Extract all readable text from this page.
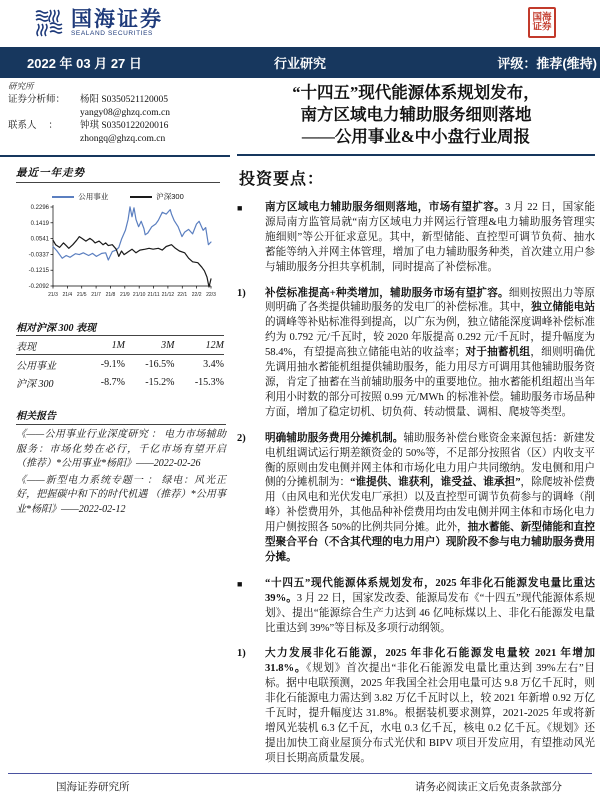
国海证券
SEALAND SECURITIES
国海证券
行业研究
2022 年 03 月 27 日	评级：推荐(维持)
研究所
证券分析师：	杨阳 S0350521120005
yangy08@ghzq.com.cn
联系人　 ：	钟琪 S0350122020016
zhongq@ghzq.com.cn
最近一年走势
公用事业	沪深300
0.2296
0.1419
0.0541
-0.0337
-0.1215
-0.2092
21/3 21/4 21/5 21/7 21/8 21/9 21/10 21/11 21/12 22/1 22/2 22/3
相对沪深 300 表现
表现	1M	3M	12M
公用事业	-9.1%	-16.5%	3.4%
沪深 300	-8.7%	-15.2%	-15.3%
相关报告
《——公用事业行业深度研究 ： 电力市场辅助服务：市场化势在必行，千亿市场有望开启 （推荐）*公用事业*杨阳》——2022-02-26
《——新型电力系统专题一 ： 绿电：风光正好，把握碳中和下的时代机遇 （推荐）*公用事业*杨阳》——2022-02-12
“十四五”现代能源体系规划发布，
南方区域电力辅助服务细则落地
——公用事业&中小盘行业周报
投资要点：
■	南方区域电力辅助服务细则落地，市场有望扩容。3 月 22 日，国家能源局南方监管局就“南方区域电力并网运行管理&电力辅助服务管理实施细则”等公开征求意见。其中，新型储能、直控型可调节负荷、抽水蓄能等纳入并网主体管理，增加了电力辅助服务种类，首次建立用户参与辅助服务分担共享机制，同时提高了补偿标准。
1)	补偿标准提高+种类增加，辅助服务市场有望扩容。细则按照出力等原则明确了各类提供辅助服务的发电厂的补偿标准。其中，独立储能电站的调峰等补贴标准得到提高，以广东为例，独立储能深度调峰补偿标准约为 0.792 元/千瓦时，较 2020 年版提高 0.292 元/千瓦时，提升幅度为 58.4%，有望提高独立储能电站的收益率；对于抽蓄机组，细则明确优先调用抽水蓄能机组提供辅助服务，能力用尽方可调用其他辅助服务资源，肯定了抽蓄在当前辅助服务中的重要地位。抽水蓄能机组超出当年利用小时数的部分可按照 0.99 元/MWh 的标准补偿。辅助服务市场品种方面，增加了稳定切机、切负荷、转动惯量、调相、爬坡等类型。
2)	明确辅助服务费用分摊机制。辅助服务补偿台账资金来源包括：新建发电机组调试运行期差额资金的 50%等，不足部分按照省（区）内收支平衡的原则由发电侧并网主体和市场化电力用户共同缴纳。发电侧和用户侧的分摊机制为：“谁提供、谁获利，谁受益、谁承担”，除爬坡补偿费用（由风电和光伏发电厂承担）以及直控型可调节负荷参与的调峰（削峰）补偿费用外，其他品种补偿费用均由发电侧并网主体和市场化电力用户侧按照各 50%的比例共同分摊。此外，抽水蓄能、新型储能和直控型聚合平台（不含其代理的电力用户）现阶段不参与电力辅助服务费用分摊。
■	“十四五”现代能源体系规划发布，2025 年非化石能源发电量比重达 39%。3 月 22 日，国家发改委、能源局发布《“十四五”现代能源体系规划》、提出“能源综合生产力达到 46 亿吨标煤以上、非化石能源发电量比重达到 39%”等目标及多项行动纲领。
1)	大力发展非化石能源，2025 年非化石能源发电量较 2021 年增加 31.8%。《规划》首次提出“非化石能源发电量比重达到 39%左右”目标。据中电联预测，2025 年我国全社会用电量可达 9.8 万亿千瓦时，则非化石能源电力需达到 3.82 万亿千瓦时以上，较 2021 年新增 0.92 万亿千瓦时，提升幅度达 31.8%。根据装机要求测算，2021-2025 年或将新增风光装机 6.3 亿千瓦，水电 0.3 亿千瓦，核电 0.2 亿千瓦。《规划》还提出加快工商业屋顶分布式光伏和 BIPV 项目开发应用，有望推动风光项目长期高质量发展。
国海证券研究所	请务必阅读正文后免责条款部分
